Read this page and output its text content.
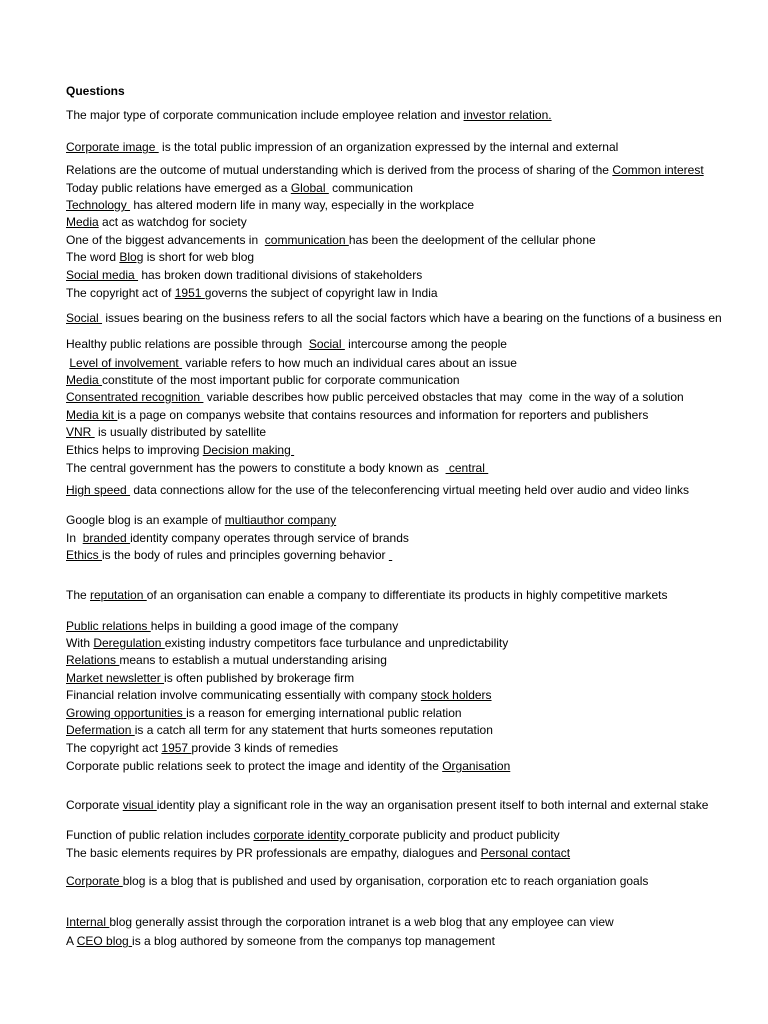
Questions
The major type of corporate communication include employee relation and investor relation.
Corporate image  is the total public impression of an organization expressed by the internal and external
Relations are the outcome of mutual understanding which is derived from the process of sharing of the Common interest
Today public relations have emerged as a Global  communication
Technology  has altered modern life in many way, especially in the workplace
Media act as watchdog for society
One of the biggest advancements in  communication has been the deelopment of the cellular phone
The word Blog is short for web blog
Social media  has broken down traditional divisions of stakeholders
The copyright act of 1951 governs the subject of copyright law in India
Social  issues bearing on the business refers to all the social factors which have a bearing on the functions of a business en
Healthy public relations are possible through  Social  intercourse among the people
Level of involvement  variable refers to how much an individual cares about an issue
Media constitute of the most important public for corporate communication
Consentrated recognition  variable describes how public perceived obstacles that may  come in the way of a solution
Media kit is a page on companys website that contains resources and information for reporters and publishers
VNR  is usually distributed by satellite
Ethics helps to improving Decision making
The central government has the powers to constitute a body known as   central
High speed  data connections allow for the use of the teleconferencing virtual meeting held over audio and video links
Google blog is an example of multiauthor company
In  branded identity company operates through service of brands
Ethics is the body of rules and principles governing behavior
The reputation of an organisation can enable a company to differentiate its products in highly competitive markets
Public relations helps in building a good image of the company
With Deregulation existing industry competitors face turbulance and unpredictability
Relations means to establish a mutual understanding arising
Market newsletter is often published by brokerage firm
Financial relation involve communicating essentially with company stock holders
Growing opportunities is a reason for emerging international public relation
Defermation is a catch all term for any statement that hurts someones reputation
The copyright act 1957 provide 3 kinds of remedies
Corporate public relations seek to protect the image and identity of the Organisation
Corporate visual identity play a significant role in the way an organisation present itself to both internal and external stake
Function of public relation includes corporate identity corporate publicity and product publicity
The basic elements requires by PR professionals are empathy, dialogues and Personal contact
Corporate blog is a blog that is published and used by organisation, corporation etc to reach organiation goals
Internal blog generally assist through the corporation intranet is a web blog that any employee can view
A CEO blog is a blog authored by someone from the companys top management
